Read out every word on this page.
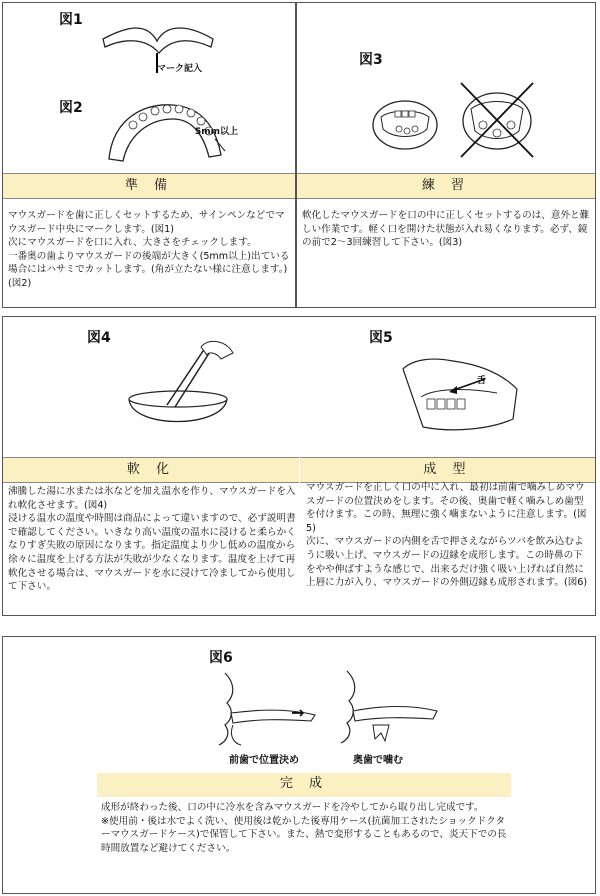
図1
マーク記入
図2
5mm以上
準 備
マウスガードを歯に正しくセットするため、サインペンなどでマウスガード中央にマークします。(図1)
次にマウスガードを口に入れ、大きさをチェックします。
一番奥の歯よりマウスガードの後端が大きく(5mm以上)出ている場合にはハサミでカットします。(角が立たない様に注意します。)(図2)
図3
練 習
軟化したマウスガードを口の中に正しくセットするのは、意外と難しい作業です。軽く口を開けた状態が入れ易くなります。必ず、鏡の前で2〜3回練習して下さい。(図3)
図4	図5
舌
軟 化	成 型
沸騰した湯に水または氷などを加え温水を作り、マウスガードを入れ軟化させます。(図4)
浸ける温水の温度や時間は商品によって違いますので、必ず説明書で確認してください。いきなり高い温度の温水に浸けると柔らかくなりすぎ失敗の原因になります。指定温度より少し低めの温度から徐々に温度を上げる方法が失敗が少なくなります。温度を上げて再軟化させる場合は、マウスガードを水に浸けて冷ましてから使用して下さい。
マウスガードを正しく口の中に入れ、最初は前歯で噛みしめマウスガードの位置決めをします。その後、奥歯で軽く噛みしめ歯型を付けます。この時、無理に強く噛まないように注意します。(図5)
次に、マウスガードの内側を舌で押さえながらツバを飲み込むように吸い上げ、マウスガードの辺縁を成形します。この時鼻の下をやや伸ばすような感じで、出来るだけ強く吸い上げれば自然に上唇に力が入り、マウスガードの外側辺縁も成形されます。(図6)
図6
→
前歯で位置決め	奥歯で噛む
完 成
成形が終わった後、口の中に冷水を含みマウスガードを冷やしてから取り出し完成です。
※使用前・後は水でよく洗い、使用後は乾かした後専用ケース(抗菌加工されたショックドクターマウスガードケース)で保管して下さい。また、熱で変形することもあるので、炎天下での長時間放置など避けてください。
